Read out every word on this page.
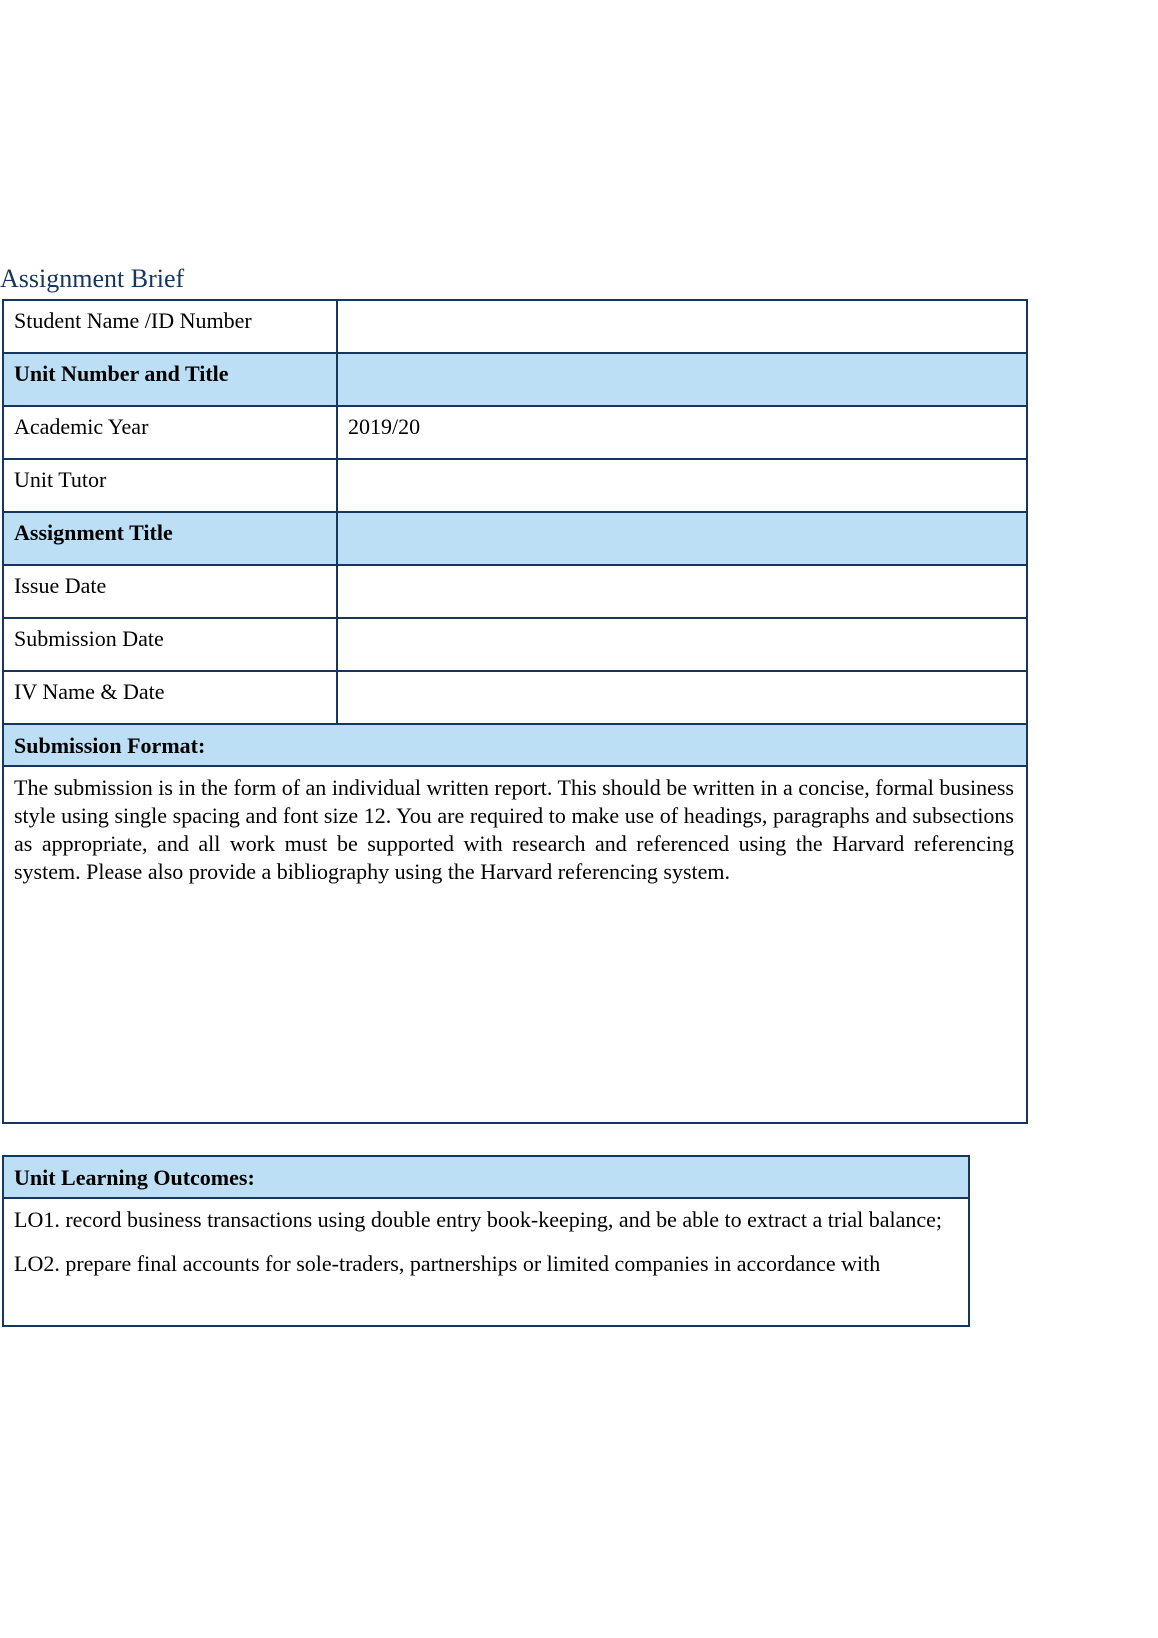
Assignment Brief
Student Name /ID Number	
Unit Number and Title	
Academic Year	2019/20
Unit Tutor	
Assignment Title	
Issue Date	
Submission Date	
IV Name & Date	
Submission Format:	
The submission is in the form of an individual written report. This should be written in a concise, formal business style using single spacing and font size 12. You are required to make use of headings, paragraphs and subsections as appropriate, and all work must be supported with research and referenced using the Harvard referencing system. Please also provide a bibliography using the Harvard referencing system.	
Unit Learning Outcomes:

LO1. record business transactions using double entry book-keeping, and be able to extract a trial balance;

LO2. prepare final accounts for sole-traders, partnerships or limited companies in accordance with
